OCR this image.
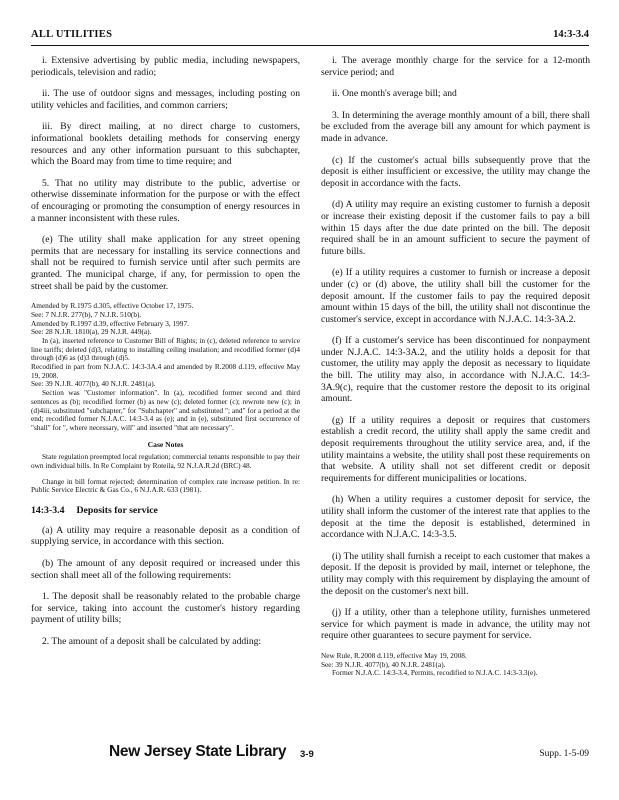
ALL UTILITIES	14:3-3.4

i. Extensive advertising by public media, including newspapers, periodicals, television and radio;

ii. The use of outdoor signs and messages, including posting on utility vehicles and facilities, and common carriers;

iii. By direct mailing, at no direct charge to customers, informational booklets detailing methods for conserving energy resources and any other information pursuant to this subchapter, which the Board may from time to time require; and

5. That no utility may distribute to the public, advertise or otherwise disseminate information for the purpose or with the effect of encouraging or promoting the consumption of energy resources in a manner inconsistent with these rules.

(e) The utility shall make application for any street opening permits that are necessary for installing its service connections and shall not be required to furnish service until after such permits are granted. The municipal charge, if any, for permission to open the street shall be paid by the customer.

Amended by R.1975 d.305, effective October 17, 1975.

See: 7 N.J.R. 277(b), 7 N.J.R. 510(b).

Amended by R.1997 d.39, effective February 3, 1997.

See: 28 N.J.R. 1810(a), 29 N.J.R. 449(a).

In (a), inserted reference to Customer Bill of Rights; in (c), deleted reference to service line tariffs; deleted (d)3, relating to installing ceiling insulation; and recodified former (d)4 through (d)6 as (d)3 through (d)5.

Recodified in part from N.J.A.C. 14:3-3A.4 and amended by R.2008 d.119, effective May 19, 2008.

See: 39 N.J.R. 4077(b), 40 N.J.R. 2481(a).

Section was "Customer information". In (a), recodified former second and third sentences as (b); recodified former (b) as new (c); deleted former (c); rewrote new (c); in (d)4iii, substituted "subchapter," for "Subchapter" and substituted "; and" for a period at the end; recodified former N.J.A.C. 14:3-3.4 as (e); and in (e), substituted first occurrence of "shall" for ", where necessary, will" and inserted "that are necessary".

Case Notes

State regulation preempted local regulation; commercial tenants responsible to pay their own individual bills. In Re Complaint by Roteila, 92 N.J.A.R.2d (BRC) 48.

Change in bill format rejected; determination of complex rate increase petition. In re: Public Service Electric & Gas Co., 6 N.J.A.R. 633 (1981).

14:3-3.4 Deposits for service

(a) A utility may require a reasonable deposit as a condition of supplying service, in accordance with this section.

(b) The amount of any deposit required or increased under this section shall meet all of the following requirements:

1. The deposit shall be reasonably related to the probable charge for service, taking into account the customer's history regarding payment of utility bills;

2. The amount of a deposit shall be calculated by adding:

i. The average monthly charge for the service for a 12-month service period; and

ii. One month's average bill; and

3. In determining the average monthly amount of a bill, there shall be excluded from the average bill any amount for which payment is made in advance.

(c) If the customer's actual bills subsequently prove that the deposit is either insufficient or excessive, the utility may change the deposit in accordance with the facts.

(d) A utility may require an existing customer to furnish a deposit or increase their existing deposit if the customer fails to pay a bill within 15 days after the due date printed on the bill. The deposit required shall be in an amount sufficient to secure the payment of future bills.

(e) If a utility requires a customer to furnish or increase a deposit under (c) or (d) above, the utility shall bill the customer for the deposit amount. If the customer fails to pay the required deposit amount within 15 days of the bill, the utility shall not discontinue the customer's service, except in accordance with N.J.A.C. 14:3-3A.2.

(f) If a customer's service has been discontinued for nonpayment under N.J.A.C. 14:3-3A.2, and the utility holds a deposit for that customer, the utility may apply the deposit as necessary to liquidate the bill. The utility may also, in accordance with N.J.A.C. 14:3-3A.9(c), require that the customer restore the deposit to its original amount.

(g) If a utility requires a deposit or requires that customers establish a credit record, the utility shall apply the same credit and deposit requirements throughout the utility service area, and, if the utility maintains a website, the utility shall post these requirements on that website. A utility shall not set different credit or deposit requirements for different municipalities or locations.

(h) When a utility requires a customer deposit for service, the utility shall inform the customer of the interest rate that applies to the deposit at the time the deposit is established, determined in accordance with N.J.A.C. 14:3-3.5.

(i) The utility shall furnish a receipt to each customer that makes a deposit. If the deposit is provided by mail, internet or telephone, the utility may comply with this requirement by displaying the amount of the deposit on the customer's next bill.

(j) If a utility, other than a telephone utility, furnishes unmetered service for which payment is made in advance, the utility may not require other guarantees to secure payment for service.

New Rule, R.2008 d.119, effective May 19, 2008.

See: 39 N.J.R. 4077(b), 40 N.J.R. 2481(a).

Former N.J.A.C. 14:3-3.4, Permits, recodified to N.J.A.C. 14:3-3.3(e).

New Jersey State Library 3-9	Supp. 1-5-09
